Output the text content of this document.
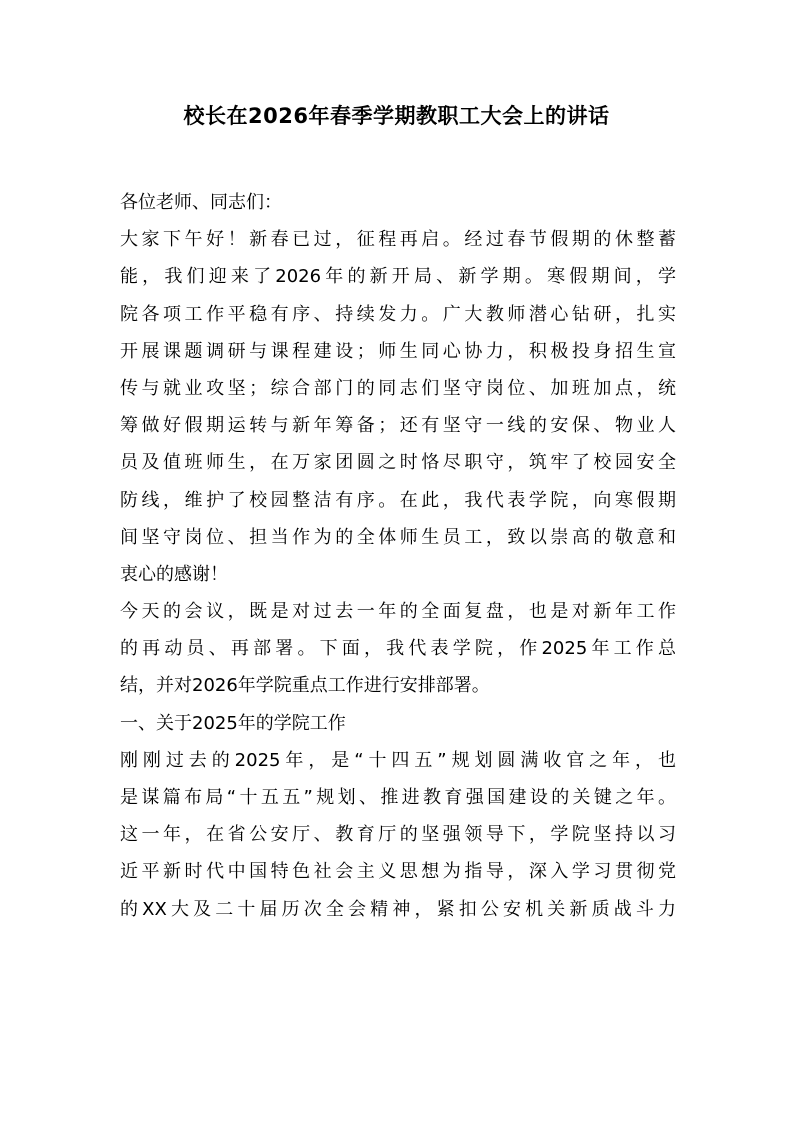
校长在2026年春季学期教职工大会上的讲话
各位老师、同志们：
大家下午好！新春已过，征程再启。经过春节假期的休整蓄
能，我们迎来了2026年的新开局、新学期。寒假期间，学
院各项工作平稳有序、持续发力。广大教师潜心钻研，扎实
开展课题调研与课程建设；师生同心协力，积极投身招生宣
传与就业攻坚；综合部门的同志们坚守岗位、加班加点，统
筹做好假期运转与新年筹备；还有坚守一线的安保、物业人
员及值班师生，在万家团圆之时恪尽职守，筑牢了校园安全
防线，维护了校园整洁有序。在此，我代表学院，向寒假期
间坚守岗位、担当作为的全体师生员工，致以崇高的敬意和
衷心的感谢！
今天的会议，既是对过去一年的全面复盘，也是对新年工作
的再动员、再部署。下面，我代表学院，作2025年工作总
结，并对2026年学院重点工作进行安排部署。
一、关于2025年的学院工作
刚刚过去的2025年，是“十四五”规划圆满收官之年，也
是谋篇布局“十五五”规划、推进教育强国建设的关键之年。
这一年，在省公安厅、教育厅的坚强领导下，学院坚持以习
近平新时代中国特色社会主义思想为指导，深入学习贯彻党
的XX大及二十届历次全会精神，紧扣公安机关新质战斗力
